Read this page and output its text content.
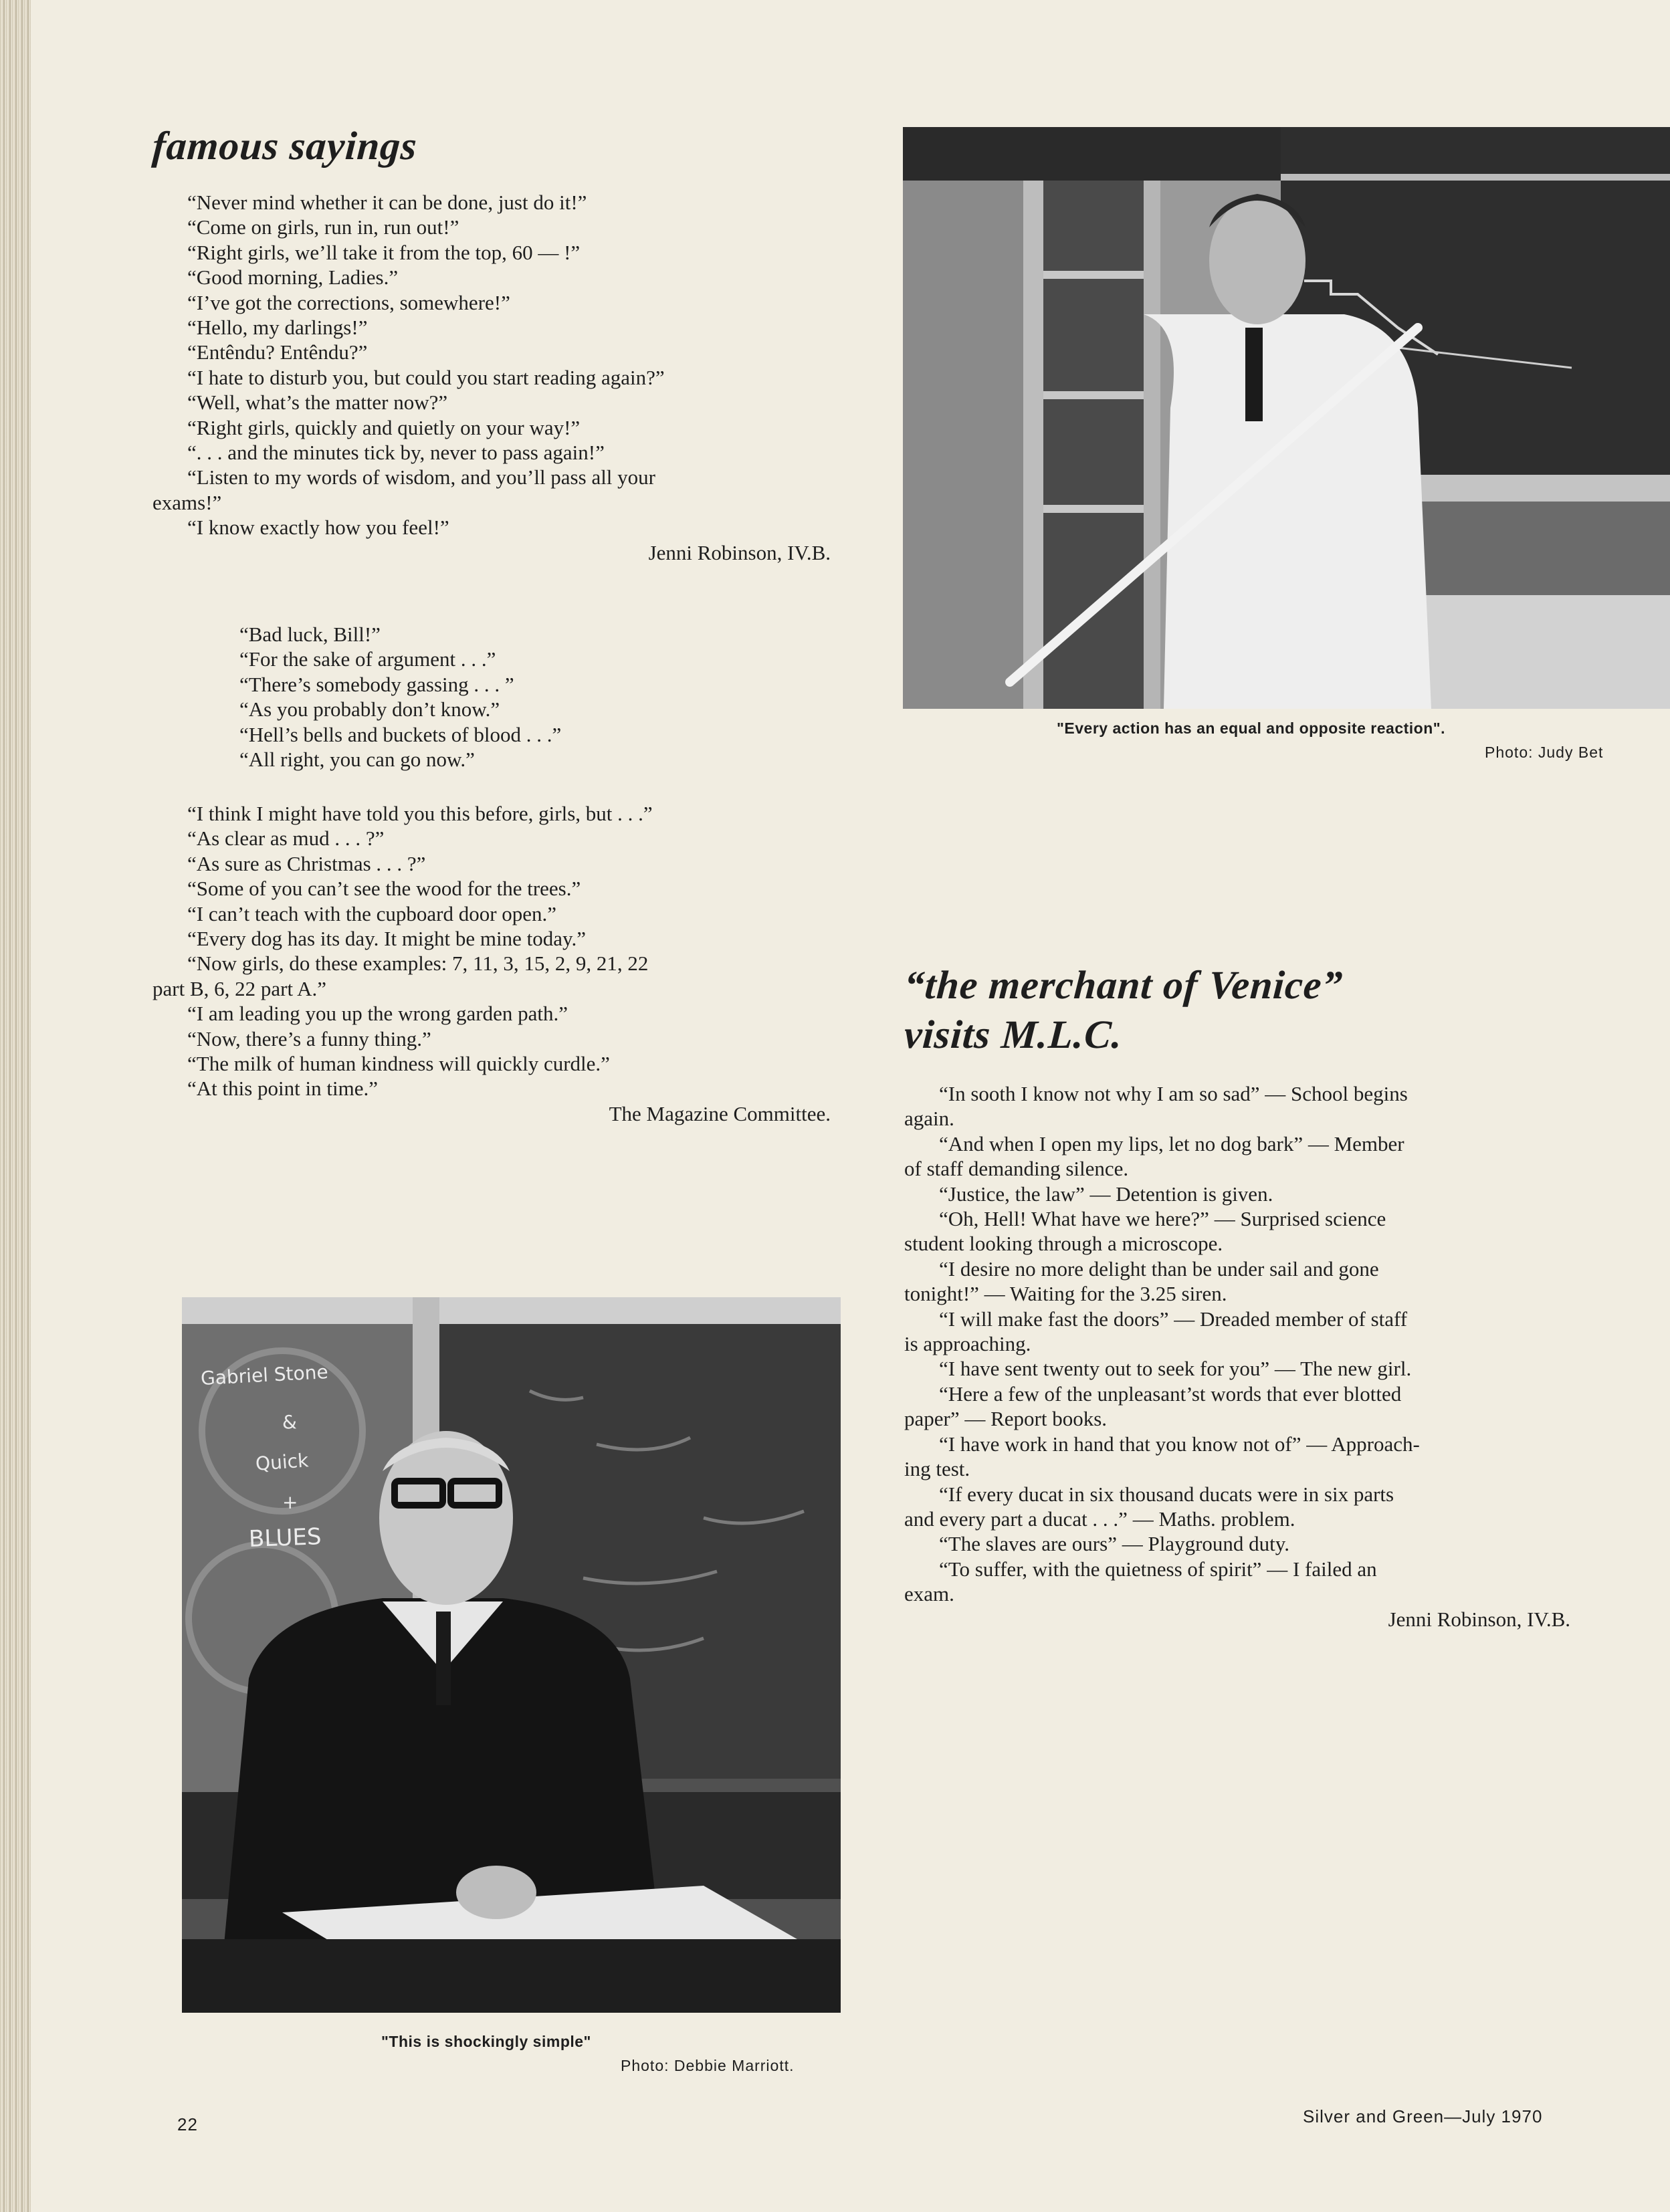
famous sayings

“Never mind whether it can be done, just do it!”

“Come on girls, run in, run out!”

“Right girls, we’ll take it from the top, 60 — !”

“Good morning, Ladies.”

“I’ve got the corrections, somewhere!”

“Hello, my darlings!”

“Entêndu? Entêndu?”

“I hate to disturb you, but could you start reading again?”

“Well, what’s the matter now?”

“Right girls, quickly and quietly on your way!”

“. . . and the minutes tick by, never to pass again!”

“Listen to my words of wisdom, and you’ll pass all your

exams!”

“I know exactly how you feel!”

Jenni Robinson, IV.B.

“Bad luck, Bill!”

“For the sake of argument . . .”

“There’s somebody gassing . . . ”

“As you probably don’t know.”

“Hell’s bells and buckets of blood . . .”

“All right, you can go now.”

“I think I might have told you this before, girls, but . . .”

“As clear as mud . . . ?”

“As sure as Christmas . . . ?”

“Some of you can’t see the wood for the trees.”

“I can’t teach with the cupboard door open.”

“Every dog has its day. It might be mine today.”

“Now girls, do these examples: 7, 11, 3, 15, 2, 9, 21, 22

part B, 6, 22 part A.”

“I am leading you up the wrong garden path.”

“Now, there’s a funny thing.”

“The milk of human kindness will quickly curdle.”

“At this point in time.”

The Magazine Committee.
"Every action has an equal and opposite reaction".
Photo: Judy Bet
“the merchant of Venice”
visits M.L.C.

“In sooth I know not why I am so sad” — School begins

again.

“And when I open my lips, let no dog bark” — Member

of staff demanding silence.

“Justice, the law” — Detention is given.

“Oh, Hell! What have we here?” — Surprised science

student looking through a microscope.

“I desire no more delight than be under sail and gone

tonight!” — Waiting for the 3.25 siren.

“I will make fast the doors” — Dreaded member of staff

is approaching.

“I have sent twenty out to seek for you” — The new girl.

“Here a few of the unpleasant’st words that ever blotted

paper” — Report books.

“I have work in hand that you know not of” — Approach-

ing test.

“If every ducat in six thousand ducats were in six parts

and every part a ducat . . .” — Maths. problem.

“The slaves are ours” — Playground duty.

“To suffer, with the quietness of spirit” — I failed an

exam.

Jenni Robinson, IV.B.
Gabriel Stone
&
Quick
+
BLUES
"This is shockingly simple"
Photo: Debbie Marriott.
22	Silver and Green—July 1970
